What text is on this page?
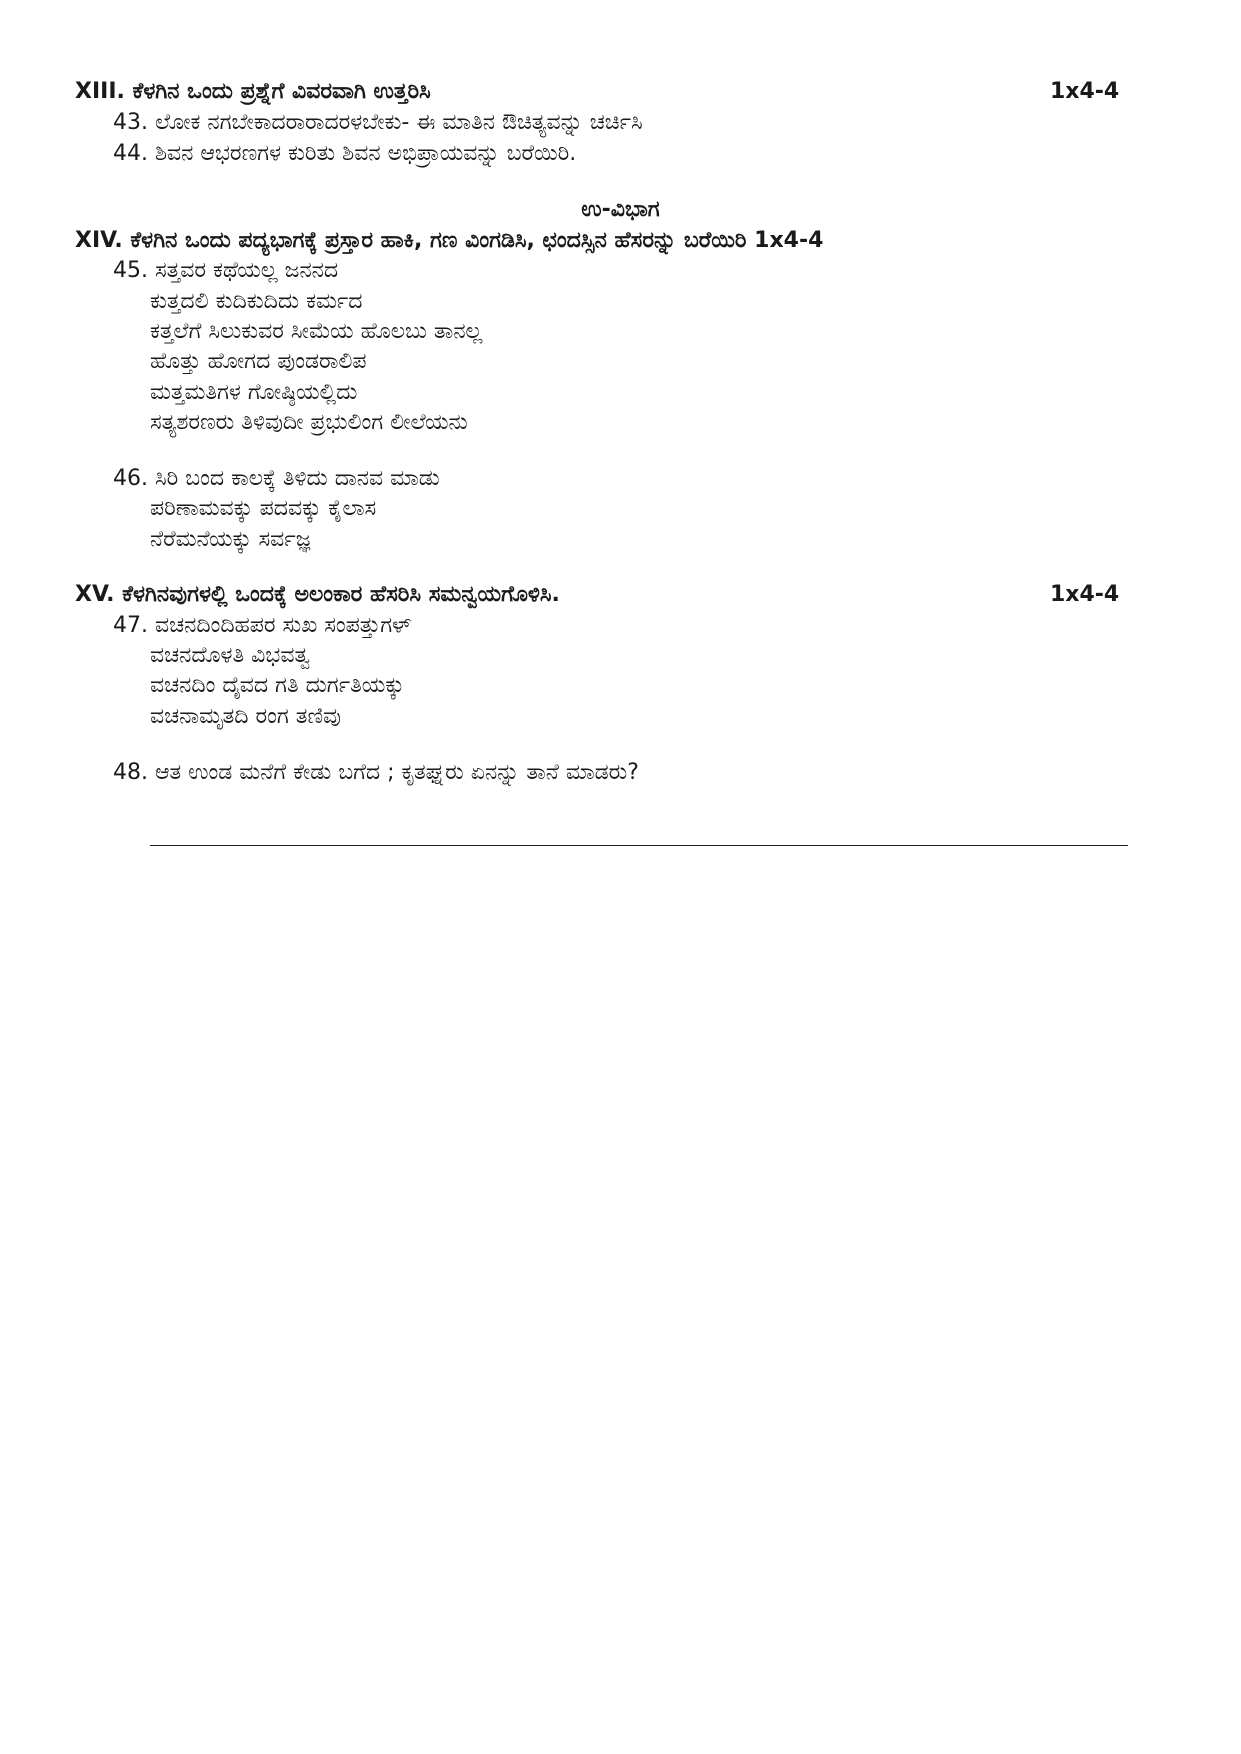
XIII. ಕೆಳಗಿನ ಒಂದು ಪ್ರಶ್ನೆಗೆ ವಿವರವಾಗಿ ಉತ್ತರಿಸಿ	1x4-4
43. ಲೋಕ ನಗಬೇಕಾದರಾರಾದರಳಬೇಕು- ಈ ಮಾತಿನ ಔಚಿತ್ಯವನ್ನು ಚರ್ಚಿಸಿ
44. ಶಿವನ ಆಭರಣಗಳ ಕುರಿತು ಶಿವನ ಅಭಿಪ್ರಾಯವನ್ನು ಬರೆಯಿರಿ.
ಉ-ವಿಭಾಗ
XIV. ಕೆಳಗಿನ ಒಂದು ಪದ್ಯಭಾಗಕ್ಕೆ ಪ್ರಸ್ತಾರ ಹಾಕಿ, ಗಣ ವಿಂಗಡಿಸಿ, ಛಂದಸ್ಸಿನ ಹೆಸರನ್ನು ಬರೆಯಿರಿ 1x4-4
45. ಸತ್ತವರ ಕಥೆಯಲ್ಲ ಜನನದ
ಕುತ್ತದಲಿ ಕುದಿಕುದಿದು ಕರ್ಮದ
ಕತ್ತಲೆಗೆ ಸಿಲುಕುವರ ಸೀಮೆಯ ಹೊಲಬು ತಾನಲ್ಲ
ಹೊತ್ತು ಹೋಗದ ಪುಂಡರಾಲಿಪ
ಮತ್ತಮತಿಗಳ ಗೋಷ್ಠಿಯಲ್ಲಿದು
ಸತ್ಯಶರಣರು ತಿಳಿವುದೀ ಪ್ರಭುಲಿಂಗ ಲೀಲೆಯನು
46. ಸಿರಿ ಬಂದ ಕಾಲಕ್ಕೆ ತಿಳಿದು ದಾನವ ಮಾಡು
ಪರಿಣಾಮವಕ್ಕು ಪದವಕ್ಕು ಕೈಲಾಸ
ನೆರೆಮನೆಯಕ್ಕು ಸರ್ವಜ್ಞ
XV. ಕೆಳಗಿನವುಗಳಲ್ಲಿ ಒಂದಕ್ಕೆ ಅಲಂಕಾರ ಹೆಸರಿಸಿ ಸಮನ್ವಯಗೊಳಿಸಿ.	1x4-4
47. ವಚನದಿಂದಿಹಪರ ಸುಖ ಸಂಪತ್ತುಗಳ್
ವಚನದೊಳತಿ ವಿಭವತ್ವ
ವಚನದಿಂ ದೈವದ ಗತಿ ದುರ್ಗತಿಯಕ್ಕು
ವಚನಾಮೃತದಿ ರಂಗ ತಣಿವು
48. ಆತ ಉಂಡ ಮನೆಗೆ ಕೇಡು ಬಗೆದ ; ಕೃತಘ್ನರು ಏನನ್ನು ತಾನೆ ಮಾಡರು?
